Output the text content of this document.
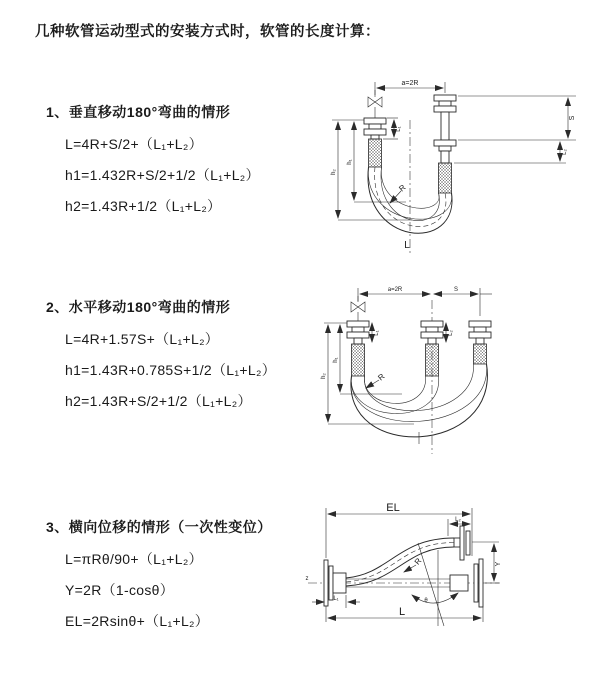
几种软管运动型式的安装方式时，软管的长度计算：
1、垂直移动180°弯曲的情形
L=4R+S/2+（L₁+L₂）
h1=1.432R+S/2+1/2（L₁+L₂）
h2=1.43R+1/2（L₁+L₂）
2、水平移动180°弯曲的情形
L=4R+1.57S+（L₁+L₂）
h1=1.43R+0.785S+1/2（L₁+L₂）
h2=1.43R+S/2+1/2（L₁+L₂）
3、横向位移的情形（一次性变位）
L=πRθ/90+（L₁+L₂）
Y=2R（1-cosθ）
EL=2Rsinθ+（L₁+L₂）
a=2R
R
L₁
h₁
h₂
S
L₂
L
a=2R	S
R
L₁	L₂
h₁
h₂
z
EL
L₂
R
θ
Y
L₁
L
